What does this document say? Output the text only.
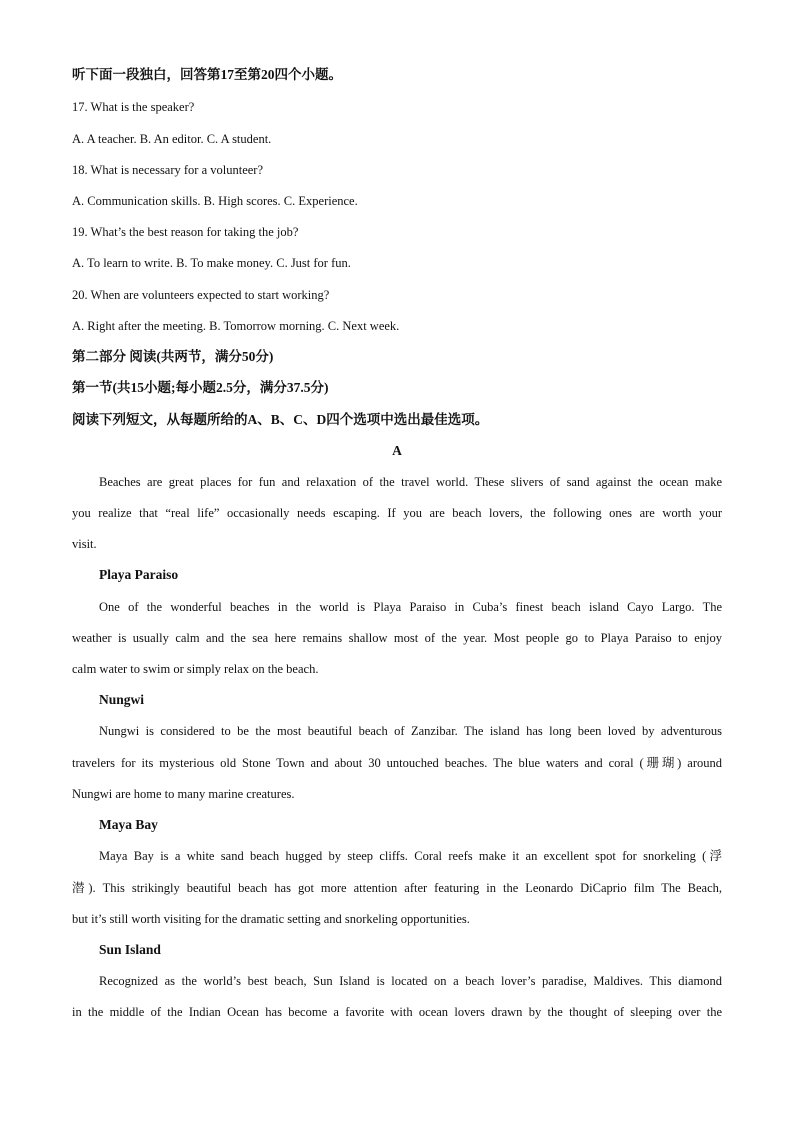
听下面一段独白，回答第17至第20四个小题。
17. What is the speaker?
A. A teacher. B. An editor. C. A student.
18. What is necessary for a volunteer?
A. Communication skills. B. High scores. C. Experience.
19. What’s the best reason for taking the job?
A. To learn to write. B. To make money. C. Just for fun.
20. When are volunteers expected to start working?
A. Right after the meeting. B. Tomorrow morning. C. Next week.
第二部分 阅读(共两节，满分50分)
第一节(共15小题;每小题2.5分，满分37.5分)
阅读下列短文，从每题所给的A、B、C、D四个选项中选出最佳选项。
A
Beaches are great places for fun and relaxation of the travel world. These slivers of sand against the ocean make
you realize that “real life” occasionally needs escaping. If you are beach lovers, the following ones are worth your
visit.
Playa Paraiso
One of the wonderful beaches in the world is Playa Paraiso in Cuba’s finest beach island Cayo Largo. The
weather is usually calm and the sea here remains shallow most of the year. Most people go to Playa Paraiso to enjoy
calm water to swim or simply relax on the beach.
Nungwi
Nungwi is considered to be the most beautiful beach of Zanzibar. The island has long been loved by adventurous
travelers for its mysterious old Stone Town and about 30 untouched beaches. The blue waters and coral (珊瑚) around
Nungwi are home to many marine creatures.
Maya Bay
Maya Bay is a white sand beach hugged by steep cliffs. Coral reefs make it an excellent spot for snorkeling (浮
潜). This strikingly beautiful beach has got more attention after featuring in the Leonardo DiCaprio film The Beach,
but it’s still worth visiting for the dramatic setting and snorkeling opportunities.
Sun Island
Recognized as the world’s best beach, Sun Island is located on a beach lover’s paradise, Maldives. This diamond
in the middle of the Indian Ocean has become a favorite with ocean lovers drawn by the thought of sleeping over the
